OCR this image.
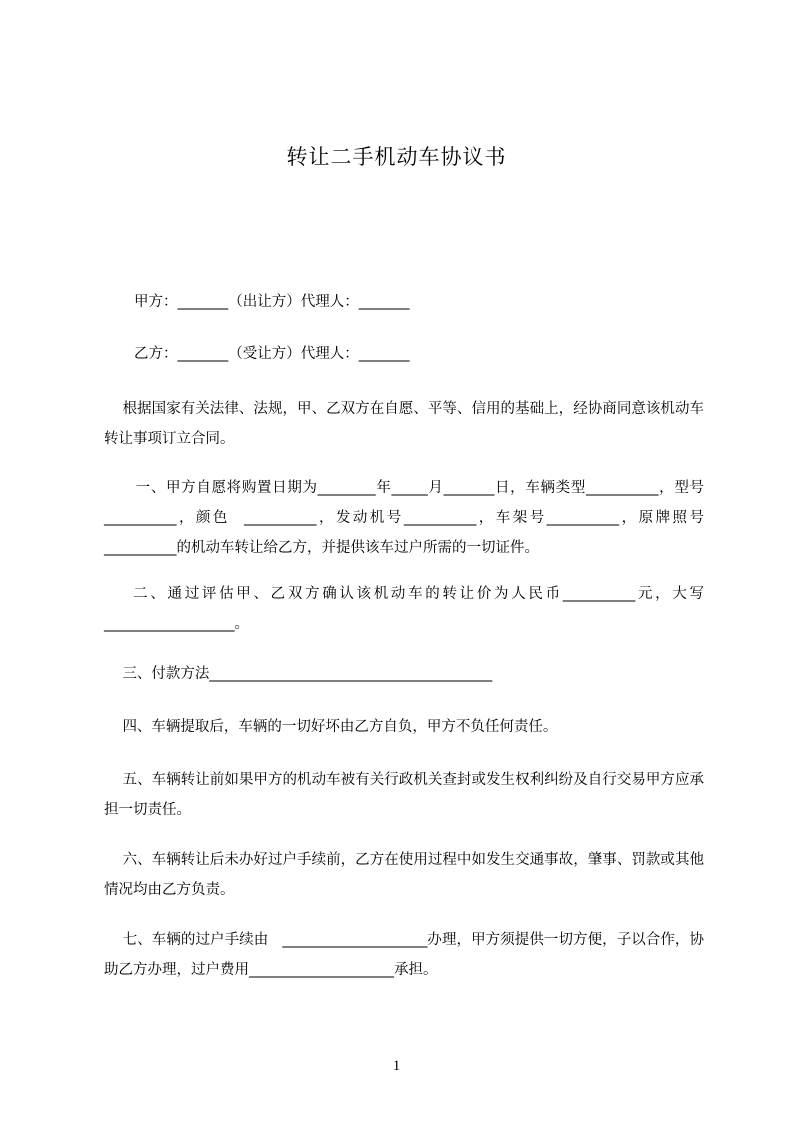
转让二手机动车协议书
甲方：_______（出让方）代理人：_______
乙方：_______（受让方）代理人：_______
根据国家有关法律、法规，甲、乙双方在自愿、平等、信用的基础上，经协商同意该机动车转让事项订立合同。
一、甲方自愿将购置日期为________年_____月_______日，车辆类型__________，型号__________，颜色  __________，发动机号__________，车架号__________，原牌照号__________的机动车转让给乙方，并提供该车过户所需的一切证件。
二、通过评估甲、乙双方确认该机动车的转让价为人民币__________元，大写__________________。
三、付款方法_______________________________________
四、车辆提取后，车辆的一切好坏由乙方自负，甲方不负任何责任。
五、车辆转让前如果甲方的机动车被有关行政机关查封或发生权利纠纷及自行交易甲方应承担一切责任。
六、车辆转让后未办好过户手续前，乙方在使用过程中如发生交通事故，肇事、罚款或其他情况均由乙方负责。
七、车辆的过户手续由   ____________________办理，甲方须提供一切方便，子以合作，协助乙方办理，过户费用____________________承担。
1
